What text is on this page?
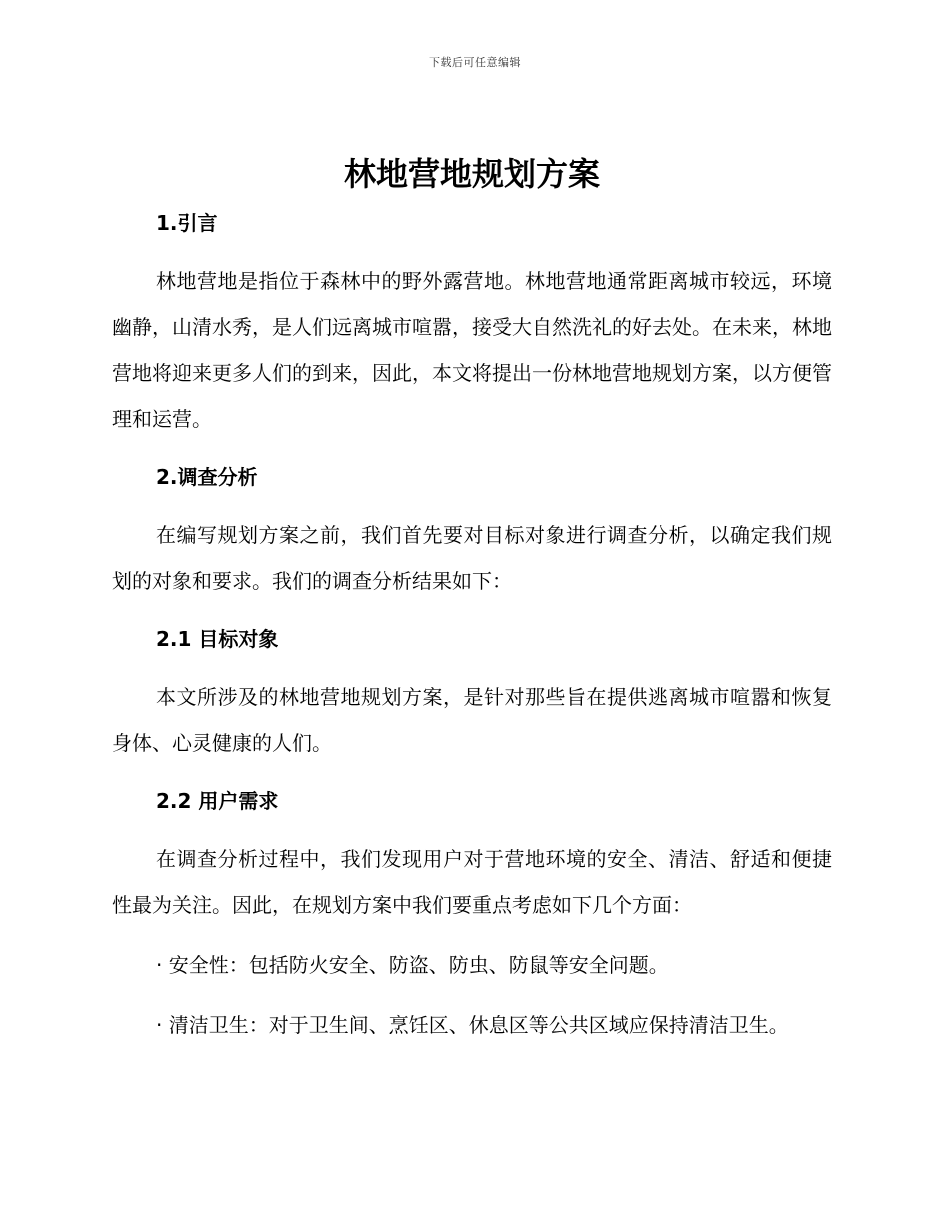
下载后可任意编辑
林地营地规划方案
1.引言

林地营地是指位于森林中的野外露营地。林地营地通常距离城市较远，环境幽静，山清水秀，是人们远离城市喧嚣，接受大自然洗礼的好去处。在未来，林地营地将迎来更多人们的到来，因此，本文将提出一份林地营地规划方案，以方便管理和运营。

2.调查分析

在编写规划方案之前，我们首先要对目标对象进行调查分析，以确定我们规划的对象和要求。我们的调查分析结果如下：

2.1 目标对象

本文所涉及的林地营地规划方案，是针对那些旨在提供逃离城市喧嚣和恢复身体、心灵健康的人们。

2.2 用户需求

在调查分析过程中，我们发现用户对于营地环境的安全、清洁、舒适和便捷性最为关注。因此，在规划方案中我们要重点考虑如下几个方面：

· 安全性：包括防火安全、防盗、防虫、防鼠等安全问题。

· 清洁卫生：对于卫生间、烹饪区、休息区等公共区域应保持清洁卫生。
